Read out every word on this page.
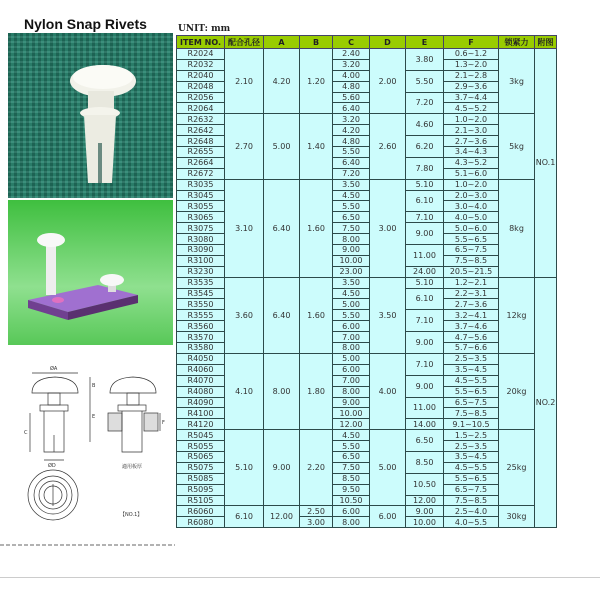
Nylon Snap Rivets	UNIT: mm
ØA
B
C
ØD
E
F
適用板厚
【NO.1】
ITEM NO.	配合孔径	A	B	C	D	E	F	锁紧力	附图
R2024	2.10	4.20	1.20	2.40	2.00	3.80	0.6~1.2	3kg	NO.1
R2032				3.20			1.3~2.0		
R2040				4.00		5.50	2.1~2.8		
R2048				4.80			2.9~3.6		
R2056				5.60		7.20	3.7~4.4		
R2064				6.40			4.5~5.2		
R2632	2.70	5.00	1.40	3.20	2.60	4.60	1.0~2.0	5kg	
R2642				4.20			2.1~3.0		
R2648				4.80		6.20	2.7~3.6		
R2655				5.50			3.4~4.3		
R2664				6.40		7.80	4.3~5.2		
R2672				7.20			5.1~6.0		
R3035	3.10	6.40	1.60	3.50	3.00	5.10	1.0~2.0	8kg	
R3045				4.50		6.10	2.0~3.0		
R3055				5.50			3.0~4.0		
R3065				6.50		7.10	4.0~5.0		
R3075				7.50		9.00	5.0~6.0		
R3080				8.00			5.5~6.5		
R3090				9.00		11.00	6.5~7.5		
R3100				10.00			7.5~8.5		
R3230				23.00		24.00	20.5~21.5		
R3535	3.60	6.40	1.60	3.50	3.50	5.10	1.2~2.1	12kg	NO.2
R3545				4.50		6.10	2.2~3.1		
R3550				5.00			2.7~3.6		
R3555				5.50		7.10	3.2~4.1		
R3560				6.00			3.7~4.6		
R3570				7.00		9.00	4.7~5.6		
R3580				8.00			5.7~6.6		
R4050	4.10	8.00	1.80	5.00	4.00	7.10	2.5~3.5	20kg	
R4060				6.00			3.5~4.5		
R4070				7.00		9.00	4.5~5.5		
R4080				8.00			5.5~6.5		
R4090				9.00		11.00	6.5~7.5		
R4100				10.00			7.5~8.5		
R4120				12.00		14.00	9.1~10.5		
R5045	5.10	9.00	2.20	4.50	5.00	6.50	1.5~2.5	25kg	
R5055				5.50			2.5~3.5		
R5065				6.50		8.50	3.5~4.5		
R5075				7.50			4.5~5.5		
R5085				8.50		10.50	5.5~6.5		
R5095				9.50			6.5~7.5		
R5105				10.50		12.00	7.5~8.5		
R6060	6.10	12.00	2.50	6.00	6.00	9.00	2.5~4.0	30kg	
R6080			3.00	8.00		10.00	4.0~5.5		
